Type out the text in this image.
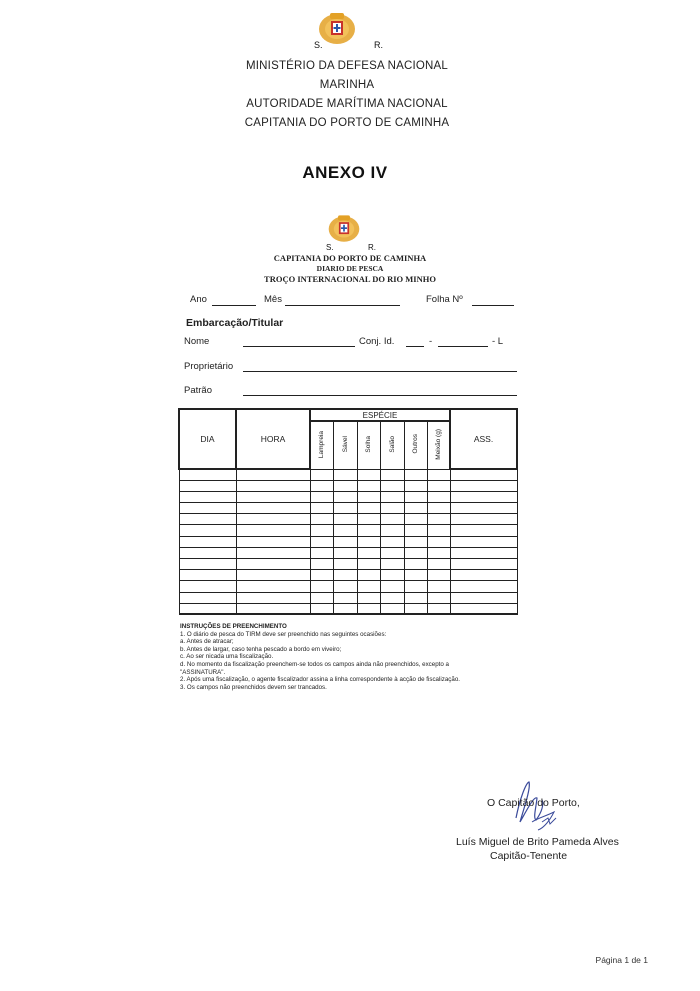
S.	R.
MINISTÉRIO DA DEFESA NACIONAL
MARINHA
AUTORIDADE MARÍTIMA NACIONAL
CAPITANIA DO PORTO DE CAMINHA
ANEXO IV
S.	R.
CAPITANIA DO PORTO DE CAMINHA
DIARIO DE PESCA
TROÇO INTERNACIONAL DO RIO MINHO
Ano	Mês	Folha Nº
Embarcação/Titular
Nome	Conj. Id.	-	- L
Proprietário
Patrão
DIA	HORA	ESPÉCIE						ASS.
		Lampreia	Sável	Solha	Salão	Outros	Meixão (g)	

INSTRUÇÕES DE PREENCHIMENTO
1. O diário de pesca do TIRM deve ser preenchido nas seguintes ocasiões:
a. Antes de atracar;
b. Antes de largar, caso tenha pescado a bordo em viveiro;
c. Ao ser nicada uma fiscalização.
d. No momento da fiscalização preenchem-se todos os campos ainda não preenchidos, excepto a
"ASSINATURA".
2. Após uma fiscalização, o agente fiscalizador assina a linha correspondente à acção de fiscalização.
3. Os campos não preenchidos devem ser trancados.
O Capitão do Porto,
Luís Miguel de Brito Pameda Alves
Capitão-Tenente
Página 1 de 1
